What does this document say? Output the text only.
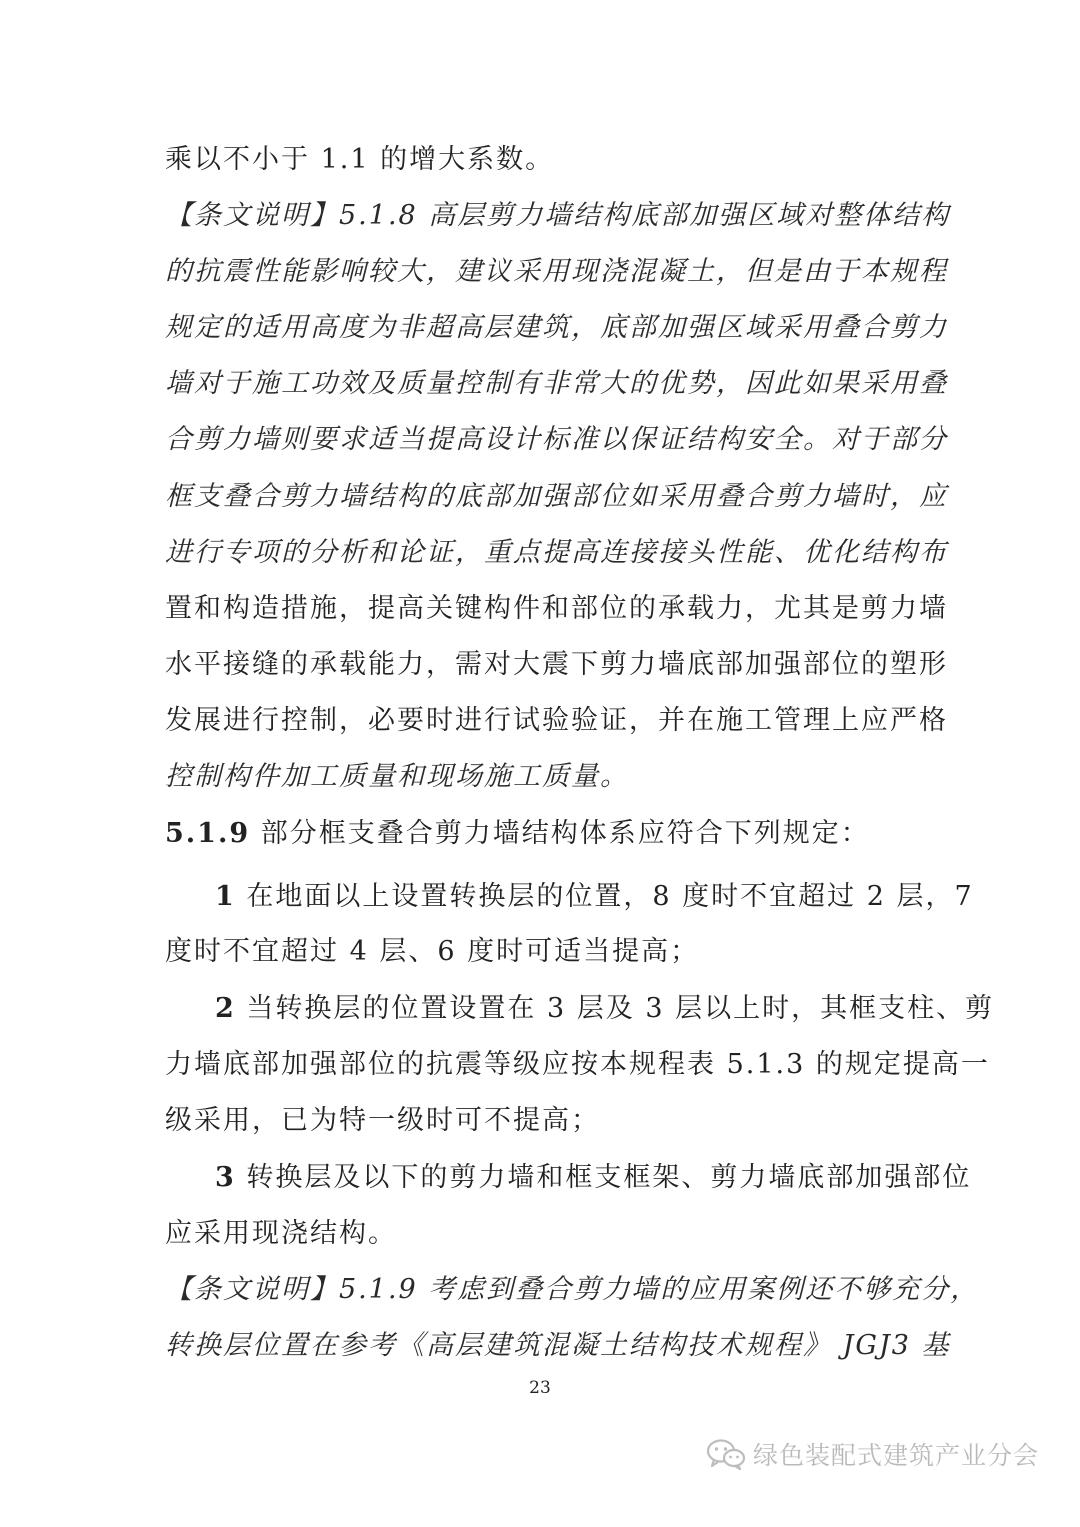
乘以不小于 1.1 的增大系数。
【条文说明】5.1.8 高层剪力墙结构底部加强区域对整体结构
的抗震性能影响较大，建议采用现浇混凝土，但是由于本规程
规定的适用高度为非超高层建筑，底部加强区域采用叠合剪力
墙对于施工功效及质量控制有非常大的优势，因此如果采用叠
合剪力墙则要求适当提高设计标准以保证结构安全。对于部分
框支叠合剪力墙结构的底部加强部位如采用叠合剪力墙时，应
进行专项的分析和论证，重点提高连接接头性能、优化结构布
置和构造措施，提高关键构件和部位的承载力，尤其是剪力墙
水平接缝的承载能力，需对大震下剪力墙底部加强部位的塑形
发展进行控制，必要时进行试验验证，并在施工管理上应严格
控制构件加工质量和现场施工质量。
5.1.9 部分框支叠合剪力墙结构体系应符合下列规定：
1 在地面以上设置转换层的位置，8 度时不宜超过 2 层，7
度时不宜超过 4 层、6 度时可适当提高；
2 当转换层的位置设置在 3 层及 3 层以上时，其框支柱、剪
力墙底部加强部位的抗震等级应按本规程表 5.1.3 的规定提高一
级采用，已为特一级时可不提高；
3 转换层及以下的剪力墙和框支框架、剪力墙底部加强部位
应采用现浇结构。
【条文说明】5.1.9 考虑到叠合剪力墙的应用案例还不够充分，
转换层位置在参考《高层建筑混凝土结构技术规程》 JGJ3 基
23
绿色装配式建筑产业分会
